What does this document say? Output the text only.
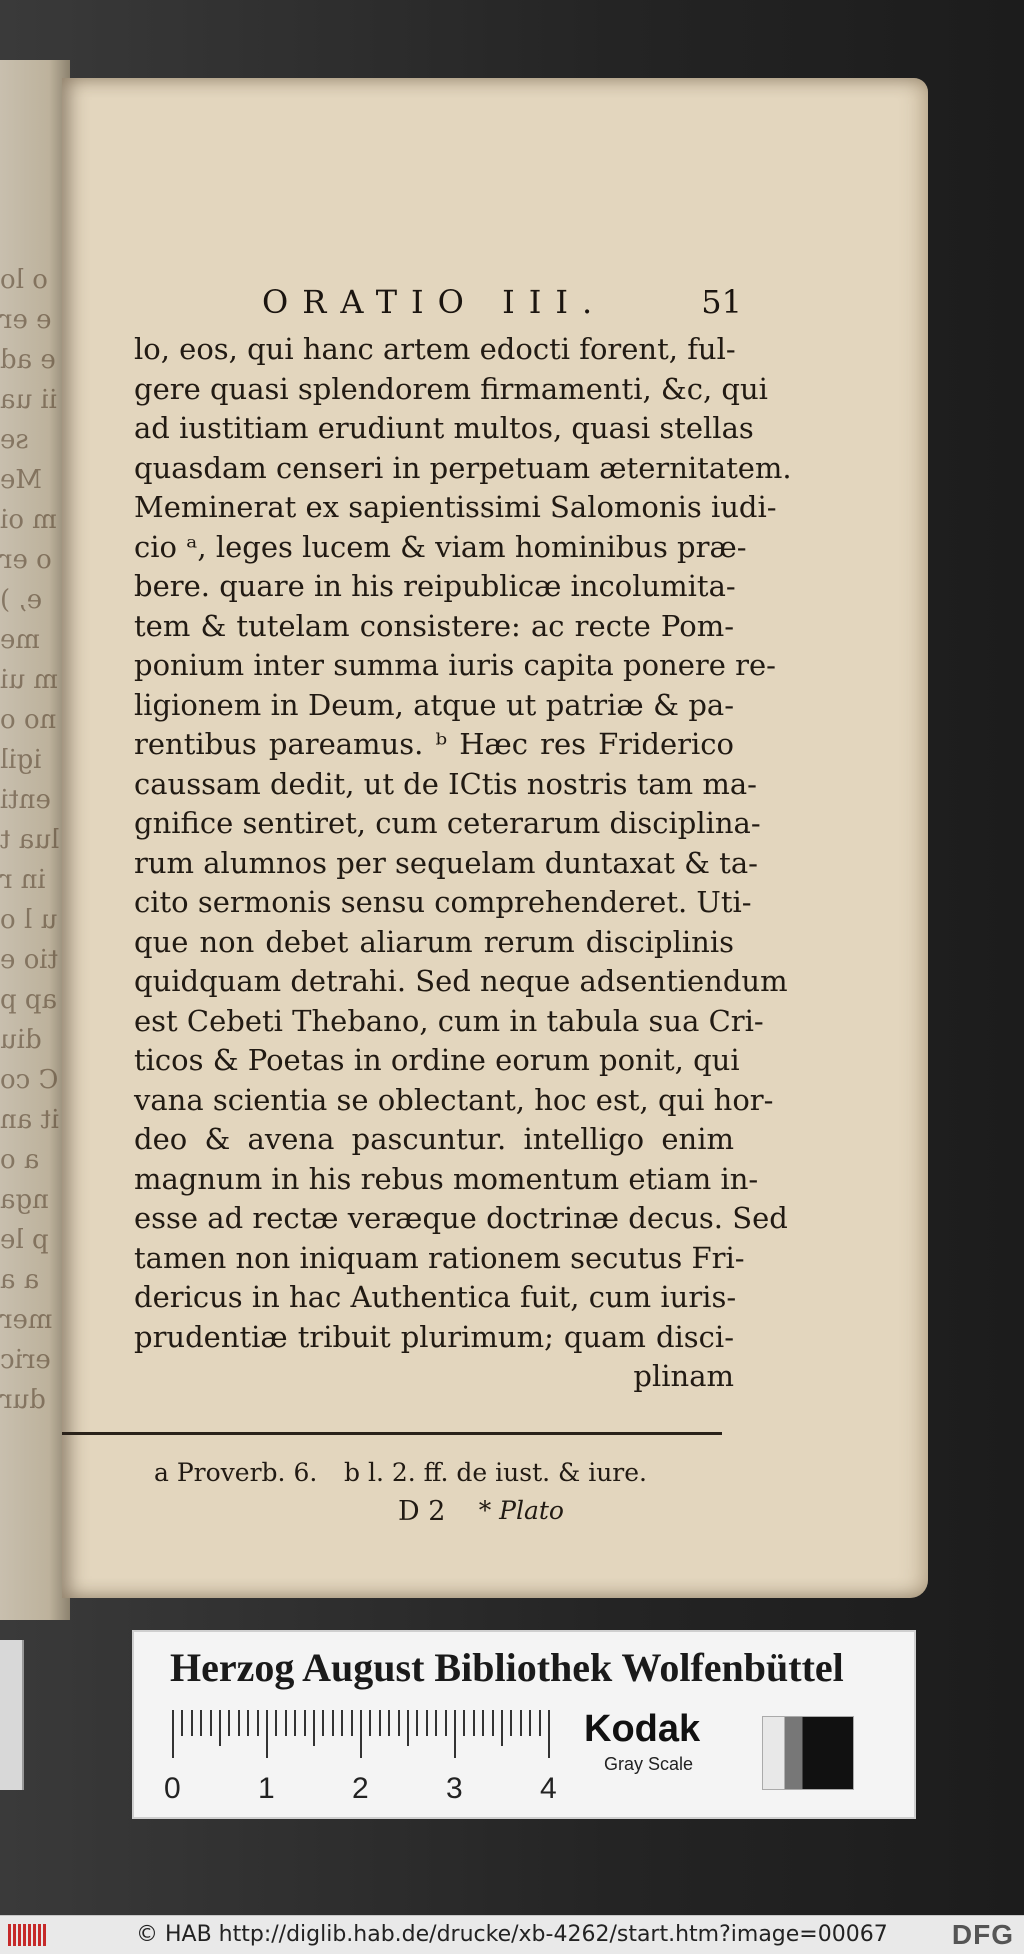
o lo e ere ad ii uase Mem oio ere, ) mem uino oigil enti lua tin ru l otio e ap pdiu C coit ana o ngap le a amer eric dur
ORATIO III.	51
lo, eos, qui hanc artem edocti forent, ful-
gere quasi splendorem firmamenti, &c, qui
ad iustitiam erudiunt multos, quasi stellas
quasdam censeri in perpetuam æternitatem.
Meminerat ex sapientissimi Salomonis iudi-
cio ᵃ, leges lucem & viam hominibus præ-
bere. quare in his reipublicæ incolumita-
tem & tutelam consistere: ac recte Pom-
ponium inter summa iuris capita ponere re-
ligionem in Deum, atque ut patriæ & pa-
rentibus pareamus. ᵇ Hæc res Friderico
caussam dedit, ut de ICtis nostris tam ma-
gnifice sentiret, cum ceterarum disciplina-
rum alumnos per sequelam duntaxat & ta-
cito sermonis sensu comprehenderet. Uti-
que non debet aliarum rerum disciplinis
quidquam detrahi. Sed neque adsentiendum
est Cebeti Thebano, cum in tabula sua Cri-
ticos & Poetas in ordine eorum ponit, qui
vana scientia se oblectant, hoc est, qui hor-
deo & avena pascuntur. intelligo enim
magnum in his rebus momentum etiam in-
esse ad rectæ veræque doctrinæ decus. Sed
tamen non iniquam rationem secutus Fri-
dericus in hac Authentica fuit, cum iuris-
prudentiæ tribuit plurimum; quam disci-
plinam
a Proverb. 6. b l. 2. ff. de iust. & iure.
D 2 * Plato
Herzog August Bibliothek Wolfenbüttel
0	1	2	3	4
Kodak
Gray Scale
© HAB http://diglib.hab.de/drucke/xb-4262/start.htm?image=00067 DFG
